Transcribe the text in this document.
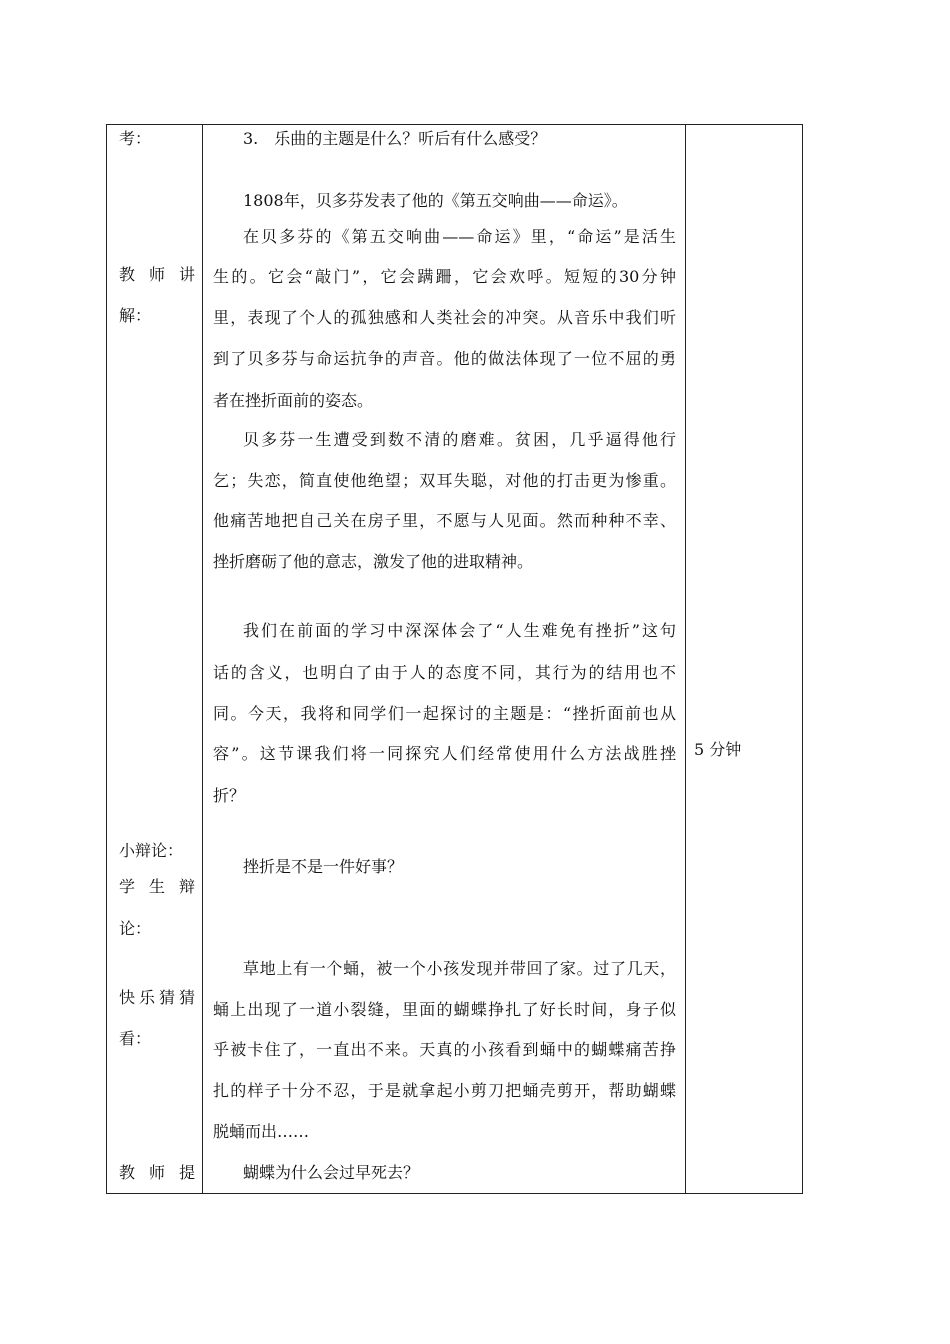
考：
教 师 讲
解：
小辩论：
学 生 辩
论：
快 乐 猜 猜
看：
教 师 提
3.　乐曲的主题是什么？听后有什么感受？
1808年，贝多芬发表了他的《第五交响曲——命运》。
在贝多芬的《第五交响曲——命运》里，“命运”是活生
生的。它会“敲门”，它会蹒跚，它会欢呼。短短的30分钟
里，表现了个人的孤独感和人类社会的冲突。从音乐中我们听
到了贝多芬与命运抗争的声音。他的做法体现了一位不屈的勇
者在挫折面前的姿态。
贝多芬一生遭受到数不清的磨难。贫困，几乎逼得他行
乞；失恋，简直使他绝望；双耳失聪，对他的打击更为惨重。
他痛苦地把自己关在房子里，不愿与人见面。然而种种不幸、
挫折磨砺了他的意志，激发了他的进取精神。
我们在前面的学习中深深体会了“人生难免有挫折”这句
话的含义，也明白了由于人的态度不同，其行为的结用也不
同。今天，我将和同学们一起探讨的主题是：“挫折面前也从
容”。这节课我们将一同探究人们经常使用什么方法战胜挫
折？
挫折是不是一件好事？
草地上有一个蛹，被一个小孩发现并带回了家。过了几天，
蛹上出现了一道小裂缝，里面的蝴蝶挣扎了好长时间，身子似
乎被卡住了，一直出不来。天真的小孩看到蛹中的蝴蝶痛苦挣
扎的样子十分不忍，于是就拿起小剪刀把蛹壳剪开，帮助蝴蝶
脱蛹而出……
蝴蝶为什么会过早死去？
5 分钟
